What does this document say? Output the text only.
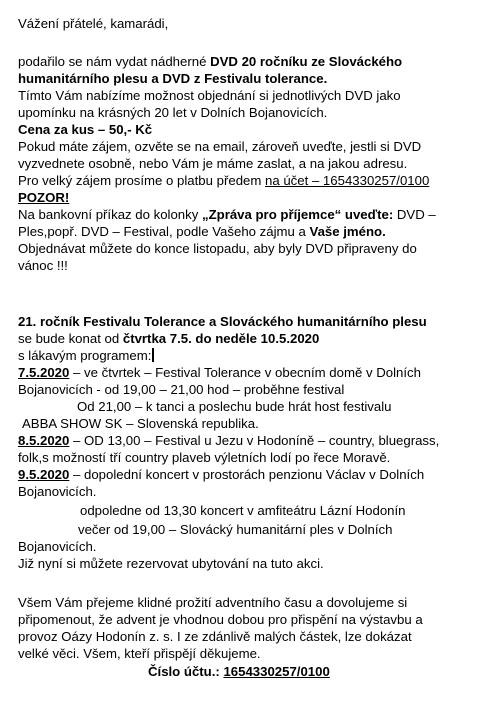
Vážení přátelé, kamarádi,
podařilo se nám vydat nádherné DVD 20 ročníku ze Slováckého
humanitárního plesu a DVD z Festivalu tolerance.
Tímto Vám nabízíme možnost objednání si jednotlivých DVD jako
upomínku na krásných 20 let v Dolních Bojanovicích.
Cena za kus – 50,- Kč
Pokud máte zájem, ozvěte se na email, zároveň uveďte, jestli si DVD
vyzvednete osobně, nebo Vám je máme zaslat, a na jakou adresu.
Pro velký zájem prosíme o platbu předem na účet – 1654330257/0100
POZOR!
Na bankovní příkaz do kolonky „Zpráva pro příjemce“ uveďte: DVD –
Ples,popř. DVD – Festival, podle Vašeho zájmu a Vaše jméno.
Objednávat můžete do konce listopadu, aby byly DVD připraveny do
vánoc !!!
21. ročník Festivalu Tolerance a Slováckého humanitárního plesu
se bude konat od čtvrtka 7.5. do neděle 10.5.2020
s lákavým programem:
7.5.2020 – ve čtvrtek – Festival Tolerance v obecním domě v Dolních
Bojanovicích - od 19,00 – 21,00 hod – proběhne festival
Od 21,00 – k tanci a poslechu bude hrát host festivalu
ABBA SHOW SK – Slovenská republika.
8.5.2020 – OD 13,00 – Festival u Jezu v Hodoníně – country, bluegrass,
folk,s možností tří country plaveb výletních lodí po řece Moravě.
9.5.2020 – dopolední koncert v prostorách penzionu Václav v Dolních
Bojanovicích.
odpoledne od 13,30 koncert v amfiteátru Lázní Hodonín
večer od 19,00 – Slovácký humanitární ples v Dolních
Bojanovicích.
Již nyní si můžete rezervovat ubytování na tuto akci.
Všem Vám přejeme klidné prožití adventního času a dovolujeme si
připomenout, že advent je vhodnou dobou pro přispění na výstavbu a
provoz Oázy Hodonín z. s. I ze zdánlivě malých částek, lze dokázat
velké věci. Všem, kteří přispějí děkujeme.
Číslo účtu.: 1654330257/0100
